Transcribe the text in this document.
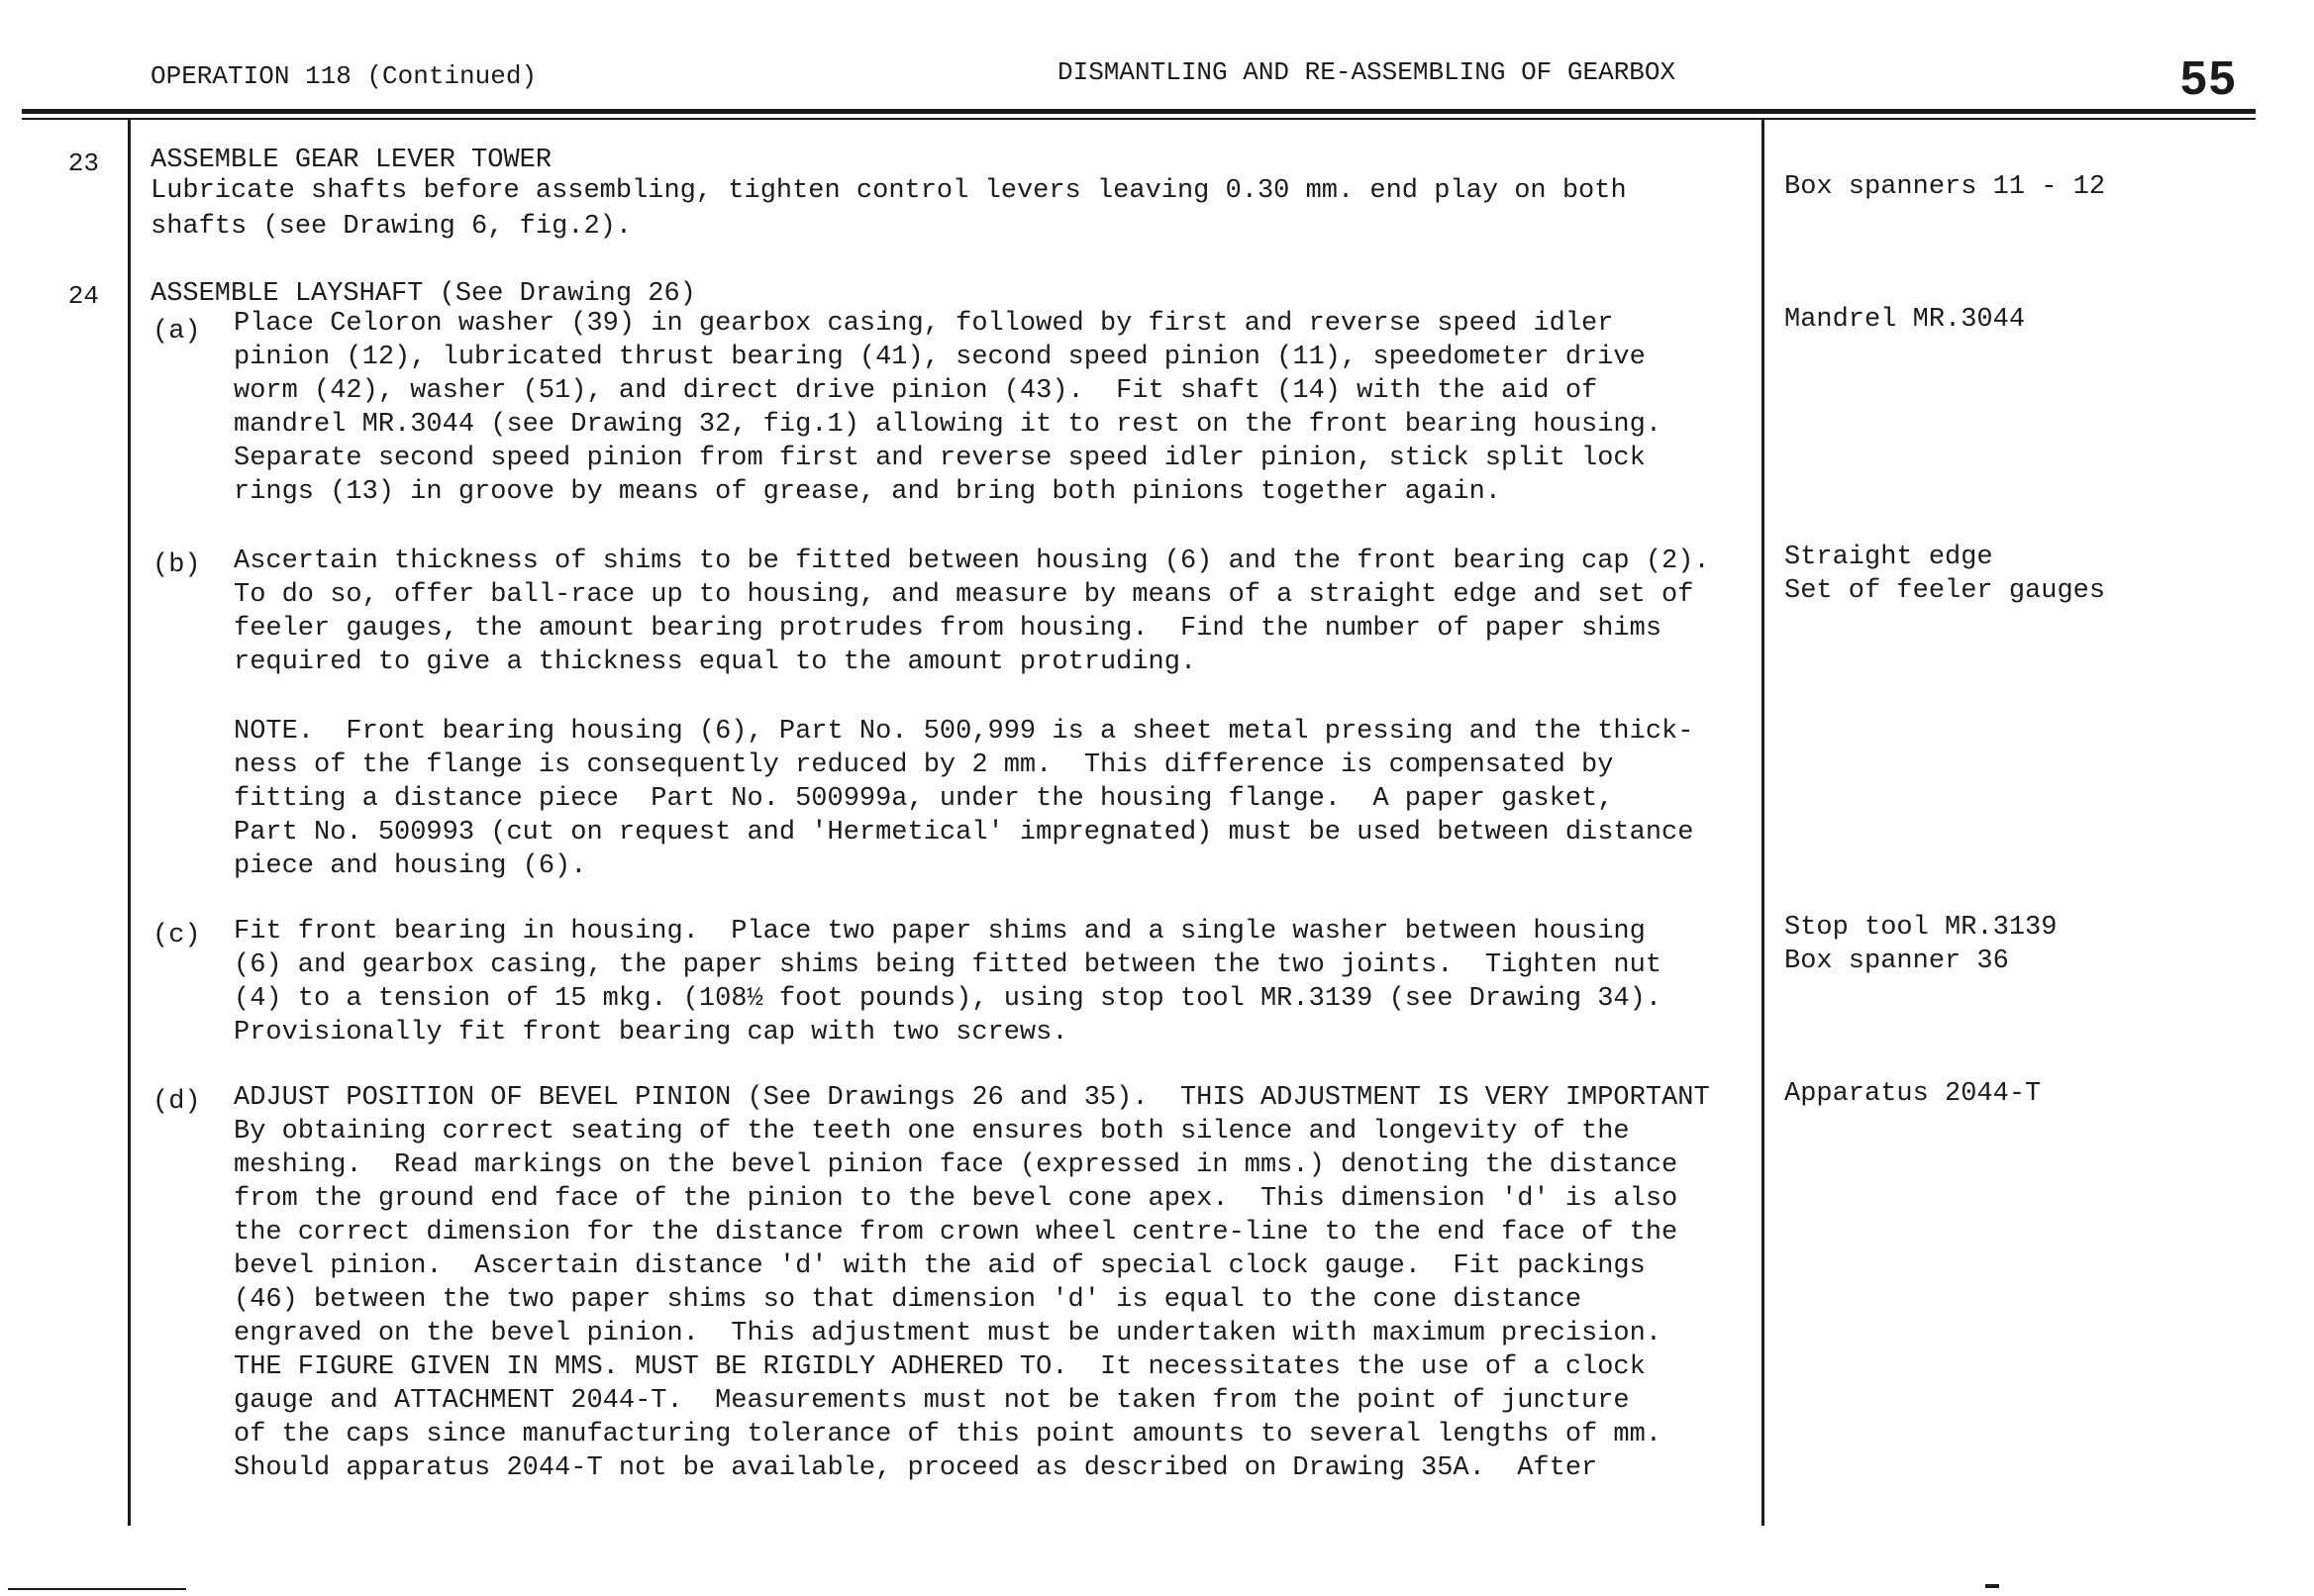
OPERATION 118 (Continued)	DISMANTLING AND RE-ASSEMBLING OF GEARBOX	55
23 ASSEMBLE GEAR LEVER TOWER
Lubricate shafts before assembling, tighten control levers leaving 0.30 mm. end play on both
shafts (see Drawing 6, fig.2).
Box spanners 11 - 12
24 ASSEMBLE LAYSHAFT (See Drawing 26)
(a) Place Celoron washer (39) in gearbox casing, followed by first and reverse speed idler
pinion (12), lubricated thrust bearing (41), second speed pinion (11), speedometer drive
worm (42), washer (51), and direct drive pinion (43).  Fit shaft (14) with the aid of
mandrel MR.3044 (see Drawing 32, fig.1) allowing it to rest on the front bearing housing.
Separate second speed pinion from first and reverse speed idler pinion, stick split lock
rings (13) in groove by means of grease, and bring both pinions together again.
Mandrel MR.3044
(b) Ascertain thickness of shims to be fitted between housing (6) and the front bearing cap (2).
To do so, offer ball-race up to housing, and measure by means of a straight edge and set of
feeler gauges, the amount bearing protrudes from housing.  Find the number of paper shims
required to give a thickness equal to the amount protruding.
Straight edge
Set of feeler gauges
NOTE.  Front bearing housing (6), Part No. 500,999 is a sheet metal pressing and the thick-
ness of the flange is consequently reduced by 2 mm.  This difference is compensated by
fitting a distance piece  Part No. 500999a, under the housing flange.  A paper gasket,
Part No. 500993 (cut on request and 'Hermetical' impregnated) must be used between distance
piece and housing (6).
(c) Fit front bearing in housing.  Place two paper shims and a single washer between housing
(6) and gearbox casing, the paper shims being fitted between the two joints.  Tighten nut
(4) to a tension of 15 mkg. (108½ foot pounds), using stop tool MR.3139 (see Drawing 34).
Provisionally fit front bearing cap with two screws.
Stop tool MR.3139
Box spanner 36
(d) ADJUST POSITION OF BEVEL PINION (See Drawings 26 and 35).  THIS ADJUSTMENT IS VERY IMPORTANT
By obtaining correct seating of the teeth one ensures both silence and longevity of the
meshing.  Read markings on the bevel pinion face (expressed in mms.) denoting the distance
from the ground end face of the pinion to the bevel cone apex.  This dimension 'd' is also
the correct dimension for the distance from crown wheel centre-line to the end face of the
bevel pinion.  Ascertain distance 'd' with the aid of special clock gauge.  Fit packings
(46) between the two paper shims so that dimension 'd' is equal to the cone distance
engraved on the bevel pinion.  This adjustment must be undertaken with maximum precision.
THE FIGURE GIVEN IN MMS. MUST BE RIGIDLY ADHERED TO.  It necessitates the use of a clock
gauge and ATTACHMENT 2044-T.  Measurements must not be taken from the point of juncture
of the caps since manufacturing tolerance of this point amounts to several lengths of mm.
Should apparatus 2044-T not be available, proceed as described on Drawing 35A.  After
Apparatus 2044-T
